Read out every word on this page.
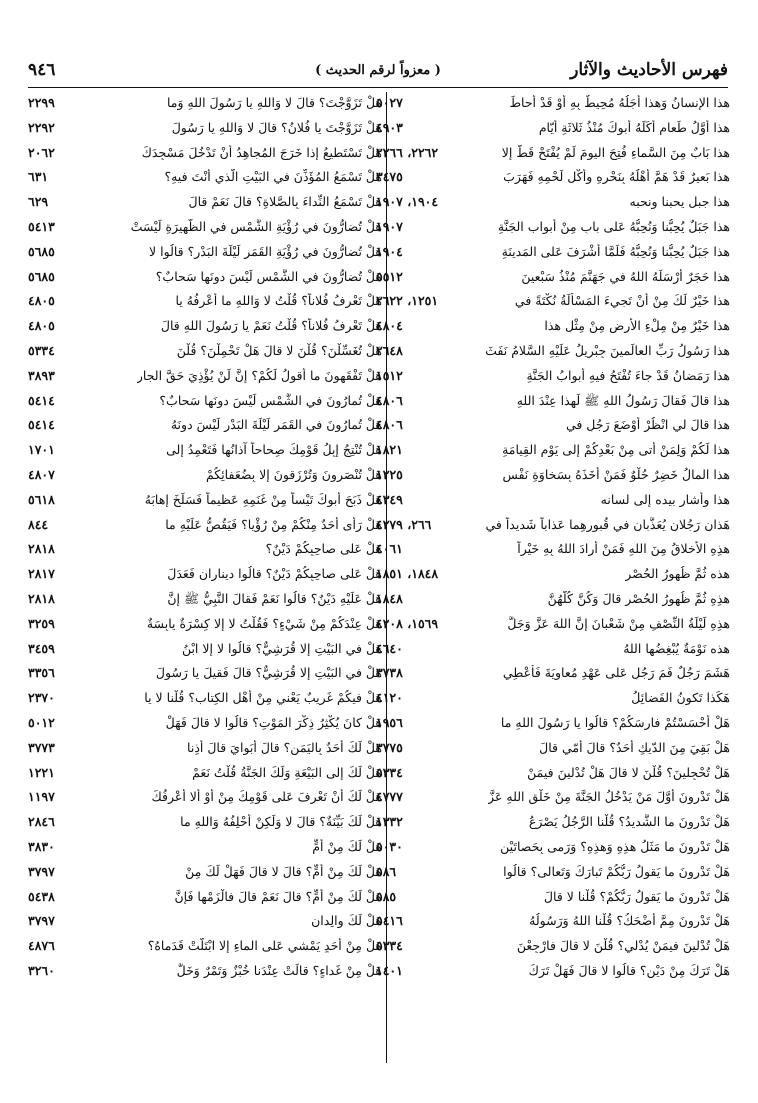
فهرس الأحاديث والآثار
( معزواً لرقم الحديث )
٩٤٦
هذا الإِنسانُ وَهذا أَجَلُهُ مُحِيطٌ بِهِ أوْ قَدْ أحاطَ
٥٠٢٧
هذا أوَّلُ طَعامٍ أكَلَهُ أبوكَ مُنْذُ ثَلاثَةِ أيّامٍ
٤٩٠٣
هذا بَابٌ مِنَ السَّماءِ فُتِحَ اليومَ لَمْ يُفْتَحْ قَطُّ إلا
٢٢٦٢، ٢٢٦٦
هذا بَعيرٌ قَدْ هَمَّ أَهْلُهُ بِنَحْرِهِ وأَكْلِ لَحْمِهِ فَهَرَبَ
٣٤٧٥
هذا جبل يحبنا ونحبه
١٩٠٤، ١٩٠٧
هذا جَبَلٌ يُحِبُّنا وَنُحِبُّهُ عَلى بابٍ مِنْ أبوابِ الجَنَّةِ
١٩٠٧
هذا جَبَلٌ يُحِبُّنا وَنُحِبُّهُ فَلَمَّا أَشْرَفَ عَلى المَدينَةِ
١٩٠٤
هذا حَجَرٌ أَرْسَلَهُ اللهُ في جَهَنَّمَ مُنْذُ سَبْعينَ
٥٥١٢
هذا خَيْرٌ لَكَ مِنْ أنْ تَجيءَ المَسْأَلَةُ نُكْتَةً في
١٢٥١، ٢٦٢٢
هذا خَيْرٌ مِنْ مِلْءِ الأرضِ مِنْ مِثْلِ هذا
٤٨٠٤
هذا رَسُولُ رَبِّ العالَمينَ جِبْريلُ عَلَيْهِ السَّلامُ نَفَثَ
٢٦٤٨
هذا رَمَضانُ قَدْ جاءَ تُفْتَحُ فيهِ أبوابُ الجَنَّةِ
١٥١٢
هذا قالَ فَقالَ رَسُولُ اللهِ ﷺ لَهذا عِنْدَ اللهِ
٤٨٠٦
هذا قالَ لي انْظُرْ أوْضَعَ رَجُلٍ في
٤٨٠٦
هذا لَكُمْ وَلِمَنْ أتى مِنْ بَعْدِكُمْ إلى يَوْمِ القِيامَةِ
١٨٢١
هذا المالُ خَضِرٌ حُلْوٌ فَمَنْ أَخَذَهُ بِسَخاوَةِ نَفْسٍ
١٢٢٥
هذا وأشار بيده إلى لسانه
٤٣٤٩
هَذانِ رَجُلانِ يُعَذَّبانِ في قُبورِهِما عَذاباً شَديداً في
٢٦٦، ٤٢٧٩
هذِهِ الأخلاقُ مِنَ اللهِ فَمَنْ أرادَ اللهُ بِهِ خَيْراً
٤٠٦١
هذه ثُمَّ ظُهورُ الحُصْرِ
١٨٤٨، ١٨٥١
هذِهِ ثُمَّ ظُهورُ الحُصْرِ قالَ وَكُنَّ كُلُّهُنَّ
١٨٤٨
هذِهِ لَيْلَةُ النِّصْفِ مِنْ شَعْبانَ إنَّ اللهَ عَزَّ وَجَلَّ
١٥٦٩، ٤٢٠٨
هذه نَوْمَةٌ يُبْغِضُها اللهُ
٤٦٤٠
هَشَمَ رَجُلٌ فَمَ رَجُلٍ عَلى عَهْدِ مُعاوِيَةَ فَأُعْطِي
٣٧٣٨
هَكَذا تَكونُ الفَضائِلُ
٤١٢٠
هَلْ أَحْسَسْتُمْ فارِسَكُمْ؟ قالُوا يا رَسُولَ اللهِ ما
١٩٥٦
هَلْ بَقِيَ مِنَ الدّيكِ أحَدٌ؟ قالَ أُمّي قالَ
٣٧٧٥
هَلْ تُحْجِلينَ؟ قُلْنَ لا قالَ هَلْ تُدْلينَ فيمَنْ
٥٣٣٤
هَلْ تَدْرونَ أوَّلَ مَنْ يَدْخُلُ الجَنَّةَ مِنْ خَلْقِ اللهِ عَزَّ
٤٧٧٧
هَلْ تَدْرونَ ما الشَّديدُ؟ قُلْنا الرَّجُلُ يَصْرَعُ
١٣٣٢
هَلْ تَدْرونَ ما مَثَلُ هذِهِ وَهذِهِ؟ وَرَمى بِحَصاتَيْنِ
٥٠٣٠
هَلْ تَدْرونَ ما يَقولُ رَبُّكُمْ تَبارَكَ وَتَعالى؟ قالُوا
٥٨٦
هَلْ تَدْرونَ ما يَقولُ رَبُّكُمْ؟ قُلْنا لا قالَ
٥٨٥
هَلْ تَدْرونَ مِمَّ أضْحَكُ؟ قُلْنا اللهُ وَرَسُولُهُ
٥٤١٦
هَلْ تُدْلينَ فيمَنْ يُدْلي؟ قُلْنَ لا قالَ فارْجِعْنَ
٥٣٣٤
هَلْ تَرَكَ مِنْ دَيْنٍ؟ قالُوا لا قالَ فَهَلْ تَرَكَ
١٤٠١
هَلْ تَزَوَّجْتَ؟ قالَ لا وَاللهِ يا رَسُولَ اللهِ وَما
٢٢٩٩
هَلْ تَزَوَّجْتَ يا فُلانُ؟ قالَ لا وَاللهِ يا رَسُولَ
٢٢٩٢
هَلْ تَسْتَطيعُ إذا خَرَجَ المُجاهِدُ أنْ تَدْخُلَ مَسْجِدَكَ
٢٠٦٢
هَلْ تَسْمَعُ المُؤَذِّنَ في البَيْتِ الَّذي أنْتَ فيهِ؟
٦٣١
هَلْ تَسْمَعُ النِّداءَ بِالصَّلاةِ؟ قالَ نَعَمْ قالَ
٦٢٩
هَلْ تُضارُّونَ في رُؤْيَةِ الشَّمْسِ في الظَّهيرَةِ لَيْسَتْ
٥٤١٣
هَلْ تُضارُّونَ في رُؤْيَةِ القَمَرِ لَيْلَةَ البَدْرِ؟ قالُوا لا
٥٦٨٥
هَلْ تُضارُّونَ في الشَّمْسِ لَيْسَ دونَها سَحابٌ؟
٥٦٨٥
هَلْ تَعْرِفُ فُلاناً؟ قُلْتُ لا وَاللهِ ما أعْرِفُهُ يا
٤٨٠٥
هَلْ تَعْرِفُ فُلاناً؟ قُلْتُ نَعَمْ يا رَسُولَ اللهِ قالَ
٤٨٠٥
هَلْ تُغَسِّلْنَ؟ قُلْنَ لا قالَ هَلْ تَحْمِلْنَ؟ قُلْنَ
٥٣٣٤
هَلْ تَفْقَهونَ ما أقولُ لَكُمْ؟ إنَّ لَنْ يُؤْذِيَ حَقَّ الجارِ
٣٨٩٣
هَلْ تُمارُونَ في الشَّمْسِ لَيْسَ دونَها سَحابٌ؟
٥٤١٤
هَلْ تُمارُونَ في القَمَرِ لَيْلَةَ البَدْرِ لَيْسَ دونَهُ
٥٤١٤
هَلْ تُنْتِجُ إبِلُ قَوْمِكَ صِحاحاً آذانُها فَتَعْمِدُ إلى
١٧٠١
هَلْ تُنْصَرونَ وَتُرْزَقونَ إلا بِضُعَفائِكُمْ
٤٨٠٧
هَلْ ذَبَحَ أبوكَ تَيْساً مِنْ غَنَمِهِ عَظيماً فَسَلَخَ إهابَهُ
٥٦١٨
هَلْ رَأى أحَدٌ مِنْكُمْ مِنْ رُؤْيا؟ فَيَقُصُّ عَلَيْهِ ما
٨٤٤
هَلْ عَلى صاحِبِكُمْ دَيْنٌ؟
٢٨١٨
هَلْ عَلى صاحِبِكُمْ دَيْنٌ؟ قالُوا دينارانِ فَعَدَلَ
٢٨١٧
هَلْ عَلَيْهِ دَيْنٌ؟ قالُوا نَعَمْ فَقالَ النَّبِيُّ ﷺ إنَّ
٢٨١٨
هَلْ عِنْدَكُمْ مِنْ شَيْءٍ؟ فَقُلْتُ لا إلا كِسْرَةٌ يابِسَةٌ
٣٢٥٩
هَلْ في البَيْتِ إلا قُرَشِيٌّ؟ قالُوا لا إلا ابْنُ
٣٤٥٩
هَلْ في البَيْتِ إلا قُرَشِيٌّ؟ قالَ فَقيلَ يا رَسُولَ
٣٣٥٦
هَلْ فيكُمْ غَريبٌ يَعْني مِنْ أهْلِ الكِتابِ؟ قُلْنا لا يا
٢٣٧٠
هَلْ كانَ يُكْثِرُ ذِكْرَ المَوْتِ؟ قالُوا لا قالَ فَهَلْ
٥٠١٢
هَلْ لَكَ أحَدٌ بِاليَمَنِ؟ قالَ أبَوايَ قالَ أذِنا
٣٧٧٣
هَلْ لَكَ إلى البَيْعَةِ وَلَكَ الجَنَّةُ قُلْتُ نَعَمْ
١٢٢١
هَلْ لَكَ أنْ تَعْرِفَ عَلى قَوْمِكَ مِنْ أوْ ألا أعْرِفُكَ
١١٩٧
هَلْ لَكَ بَيِّنَةٌ؟ قالَ لا وَلَكِنْ أحْلِفُهُ وَاللهِ ما
٢٨٤٦
هَلْ لَكَ مِنْ أُمٍّ
٣٨٣٠
هَلْ لَكَ مِنْ أُمٍّ؟ قالَ لا قالَ فَهَلْ لَكَ مِنْ
٣٧٩٧
هَلْ لَكَ مِنْ أُمٍّ؟ قالَ نَعَمْ قالَ فالْزَمْها فَإنَّ
٥٤٣٨
هَلْ لَكَ والِدانِ
٣٧٩٧
هَلْ مِنْ أحَدٍ يَمْشي عَلى الماءِ إلا ابْتَلَّتْ قَدَماهُ؟
٤٨٧٦
هَلْ مِنْ غَداءٍ؟ قالَتْ عِنْدَنا خُبْزٌ وَتَمْرٌ وَخَلٌّ
٣٢٦٠
